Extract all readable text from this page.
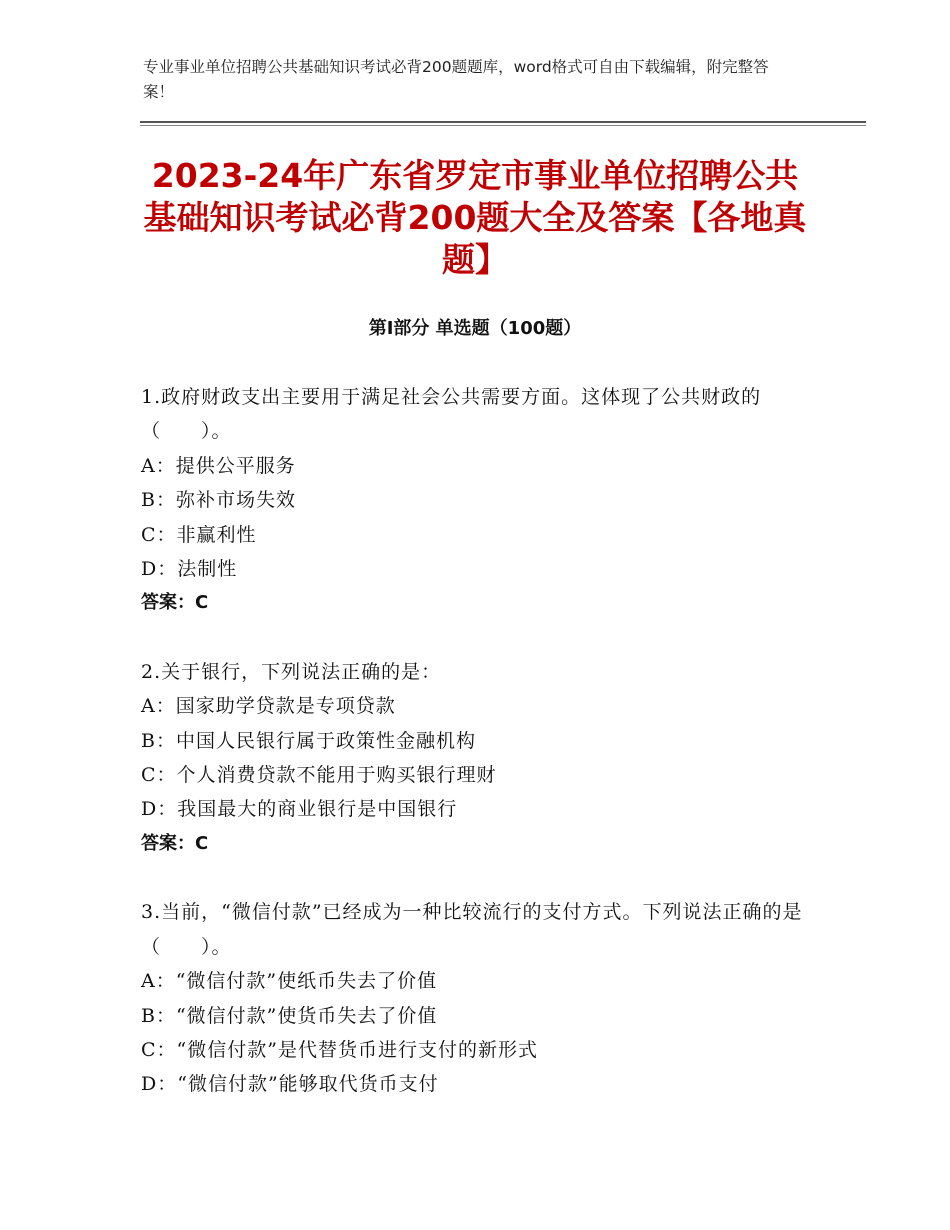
专业事业单位招聘公共基础知识考试必背200题题库，word格式可自由下载编辑，附完整答案！
2023-24年广东省罗定市事业单位招聘公共基础知识考试必背200题大全及答案【各地真题】
第Ⅰ部分 单选题（100题）

1.政府财政支出主要用于满足社会公共需要方面。这体现了公共财政的（　　）。

A：提供公平服务

B：弥补市场失效

C：非赢利性

D：法制性

答案：C

2.关于银行，下列说法正确的是：

A：国家助学贷款是专项贷款

B：中国人民银行属于政策性金融机构

C：个人消费贷款不能用于购买银行理财

D：我国最大的商业银行是中国银行

答案：C

3.当前，“微信付款”已经成为一种比较流行的支付方式。下列说法正确的是（　　）。

A：“微信付款”使纸币失去了价值

B：“微信付款”使货币失去了价值

C：“微信付款”是代替货币进行支付的新形式

D：“微信付款”能够取代货币支付
